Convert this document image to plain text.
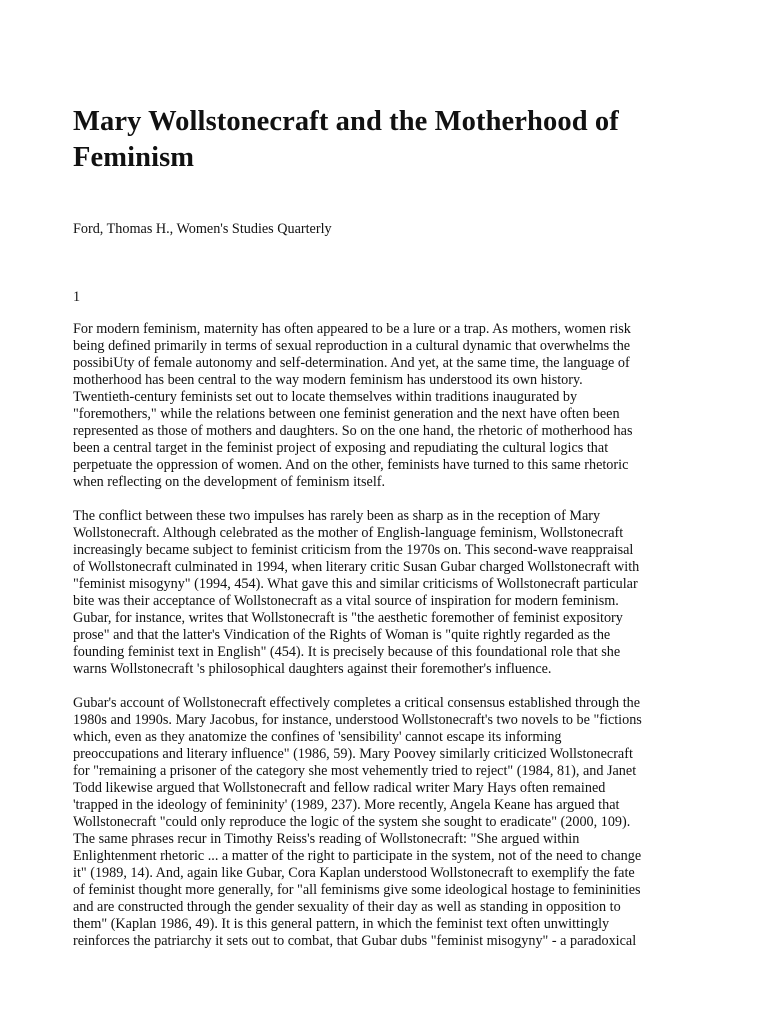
Mary Wollstonecraft and the Motherhood of Feminism

Ford, Thomas H., Women's Studies Quarterly

1

For modern feminism, maternity has often appeared to be a lure or a trap. As mothers, women risk
being defined primarily in terms of sexual reproduction in a cultural dynamic that overwhelms the
possibiUty of female autonomy and self-determination. And yet, at the same time, the language of
motherhood has been central to the way modern feminism has understood its own history.
Twentieth-century feminists set out to locate themselves within traditions inaugurated by
"foremothers," while the relations between one feminist generation and the next have often been
represented as those of mothers and daughters. So on the one hand, the rhetoric of motherhood has
been a central target in the feminist project of exposing and repudiating the cultural logics that
perpetuate the oppression of women. And on the other, feminists have turned to this same rhetoric
when reflecting on the development of feminism itself.
The conflict between these two impulses has rarely been as sharp as in the reception of Mary
Wollstonecraft. Although celebrated as the mother of English-language feminism, Wollstonecraft
increasingly became subject to feminist criticism from the 1970s on. This second-wave reappraisal
of Wollstonecraft culminated in 1994, when literary critic Susan Gubar charged Wollstonecraft with
"feminist misogyny" (1994, 454). What gave this and similar criticisms of Wollstonecraft particular
bite was their acceptance of Wollstonecraft as a vital source of inspiration for modern feminism.
Gubar, for instance, writes that Wollstonecraft is "the aesthetic foremother of feminist expository
prose" and that the latter's Vindication of the Rights of Woman is "quite rightly regarded as the
founding feminist text in English" (454). It is precisely because of this foundational role that she
warns Wollstonecraft 's philosophical daughters against their foremother's influence.
Gubar's account of Wollstonecraft effectively completes a critical consensus established through the
1980s and 1990s. Mary Jacobus, for instance, understood Wollstonecraft's two novels to be "fictions
which, even as they anatomize the confines of 'sensibility' cannot escape its informing
preoccupations and literary influence" (1986, 59). Mary Poovey similarly criticized Wollstonecraft
for "remaining a prisoner of the category she most vehemently tried to reject" (1984, 81), and Janet
Todd likewise argued that Wollstonecraft and fellow radical writer Mary Hays often remained
'trapped in the ideology of femininity' (1989, 237). More recently, Angela Keane has argued that
Wollstonecraft "could only reproduce the logic of the system she sought to eradicate" (2000, 109).
The same phrases recur in Timothy Reiss's reading of Wollstonecraft: "She argued within
Enlightenment rhetoric ... a matter of the right to participate in the system, not of the need to change
it" (1989, 14). And, again like Gubar, Cora Kaplan understood Wollstonecraft to exemplify the fate
of feminist thought more generally, for "all feminisms give some ideological hostage to femininities
and are constructed through the gender sexuality of their day as well as standing in opposition to
them" (Kaplan 1986, 49). It is this general pattern, in which the feminist text often unwittingly
reinforces the patriarchy it sets out to combat, that Gubar dubs "feminist misogyny" - a paradoxical
